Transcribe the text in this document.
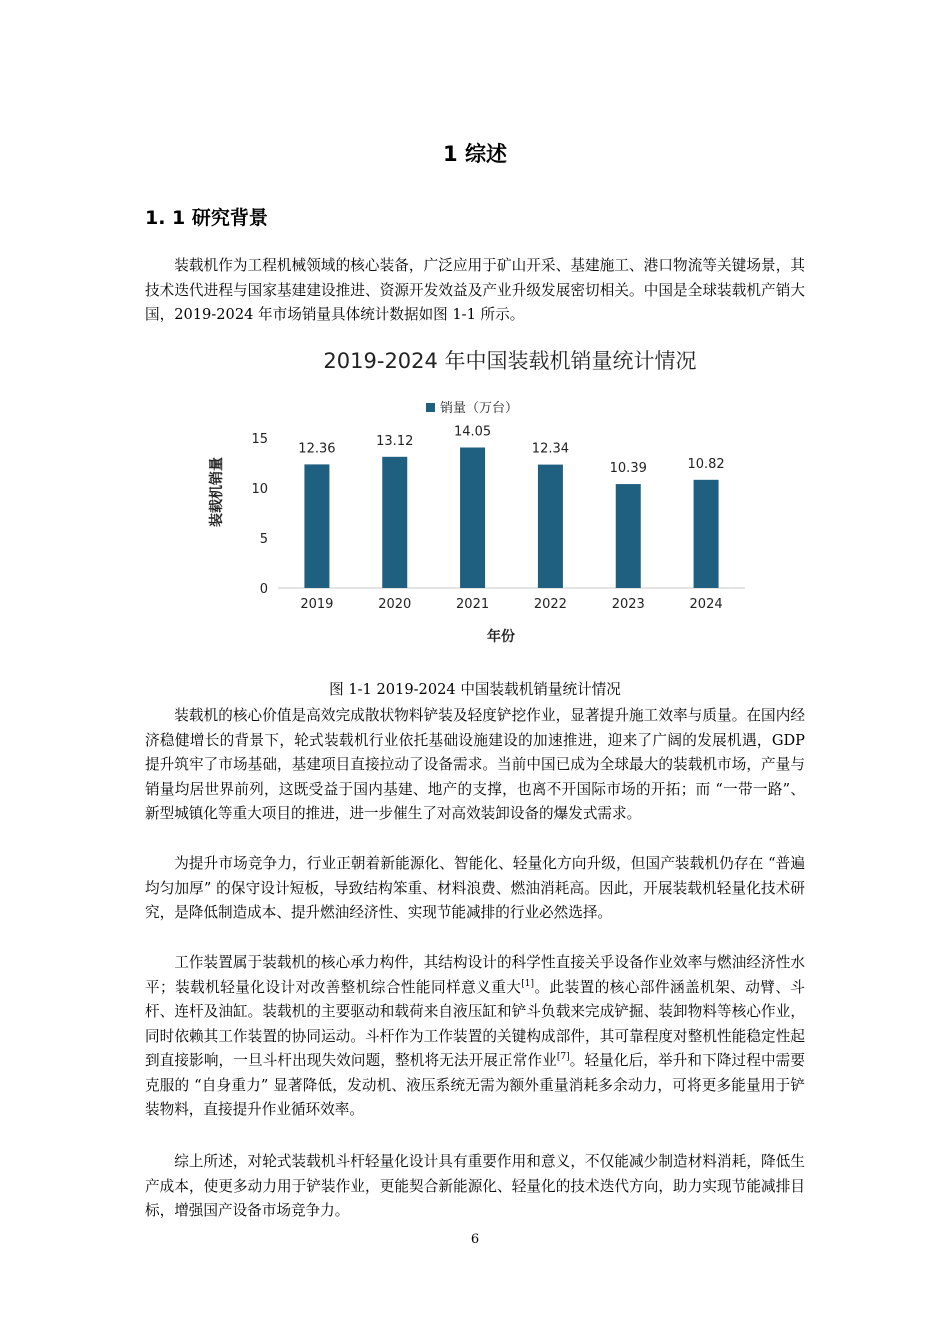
1 综述
1. 1 研究背景

装载机作为工程机械领域的核心装备，广泛应用于矿山开采、基建施工、港口物流等关键场景，其技术迭代进程与国家基建建设推进、资源开发效益及产业升级发展密切相关。中国是全球装载机产销大国，2019-2024 年市场销量具体统计数据如图 1-1 所示。

2019-2024 年中国装载机销量统计情况
销量（万台）
装载机销量
年份
0
5
10
15
12.36
13.12
14.05
12.34
10.39	10.82
2019	2020	2021	2022	2023	2024
图 1-1 2019-2024 中国装载机销量统计情况

装载机的核心价值是高效完成散状物料铲装及轻度铲挖作业，显著提升施工效率与质量。在国内经济稳健增长的背景下，轮式装载机行业依托基础设施建设的加速推进，迎来了广阔的发展机遇，GDP 提升筑牢了市场基础，基建项目直接拉动了设备需求。当前中国已成为全球最大的装载机市场，产量与销量均居世界前列，这既受益于国内基建、地产的支撑，也离不开国际市场的开拓；而 “一带一路”、新型城镇化等重大项目的推进，进一步催生了对高效装卸设备的爆发式需求。

为提升市场竞争力，行业正朝着新能源化、智能化、轻量化方向升级，但国产装载机仍存在 “普遍均匀加厚” 的保守设计短板，导致结构笨重、材料浪费、燃油消耗高。因此，开展装载机轻量化技术研究，是降低制造成本、提升燃油经济性、实现节能减排的行业必然选择。

工作装置属于装载机的核心承力构件，其结构设计的科学性直接关乎设备作业效率与燃油经济性水平；装载机轻量化设计对改善整机综合性能同样意义重大[1]。此装置的核心部件涵盖机架、动臂、斗杆、连杆及油缸。装载机的主要驱动和载荷来自液压缸和铲斗负载来完成铲掘、装卸物料等核心作业，同时依赖其工作装置的协同运动。斗杆作为工作装置的关键构成部件，其可靠程度对整机性能稳定性起到直接影响，一旦斗杆出现失效问题，整机将无法开展正常作业[7]。轻量化后，举升和下降过程中需要克服的 “自身重力” 显著降低，发动机、液压系统无需为额外重量消耗多余动力，可将更多能量用于铲装物料，直接提升作业循环效率。

综上所述，对轮式装载机斗杆轻量化设计具有重要作用和意义，不仅能减少制造材料消耗，降低生产成本，使更多动力用于铲装作业，更能契合新能源化、轻量化的技术迭代方向，助力实现节能减排目标，增强国产设备市场竞争力。

6
